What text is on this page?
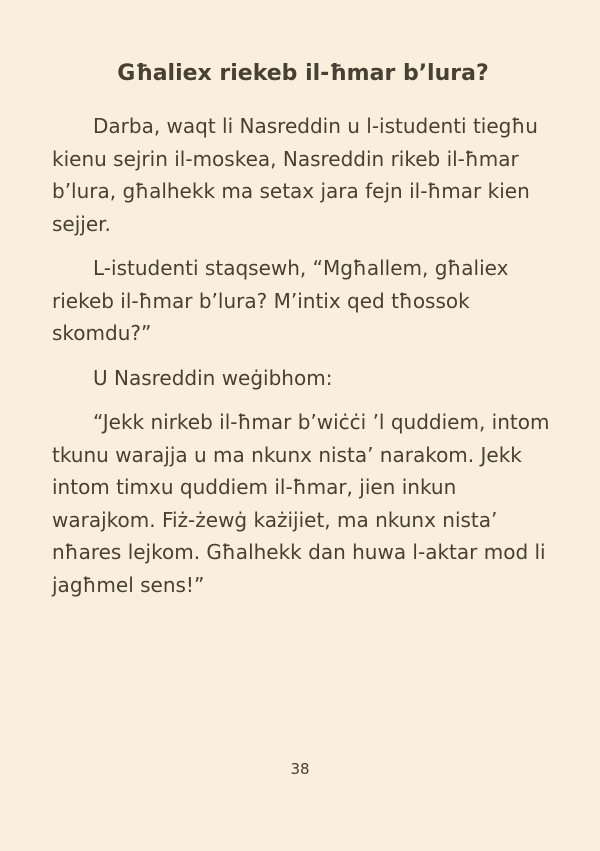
Għaliex riekeb il-ħmar b’lura?

Darba, waqt li Nasreddin u l-istudenti tiegħu kienu sejrin il-moskea, Nasreddin rikeb il-ħmar b’lura, għalhekk ma setax jara fejn il-ħmar kien sejjer.

L-istudenti staqsewh, “Mgħallem, għaliex riekeb il-ħmar b’lura? M’intix qed tħossok skomdu?”

U Nasreddin weġibhom:

“Jekk nirkeb il-ħmar b’wiċċi ’l quddiem, intom tkunu warajja u ma nkunx nista’ narakom. Jekk intom timxu quddiem il-ħmar, jien inkun warajkom. Fiż-żewġ każijiet, ma nkunx nista’ nħares lejkom. Għalhekk dan huwa l-aktar mod li jagħmel sens!”

38
